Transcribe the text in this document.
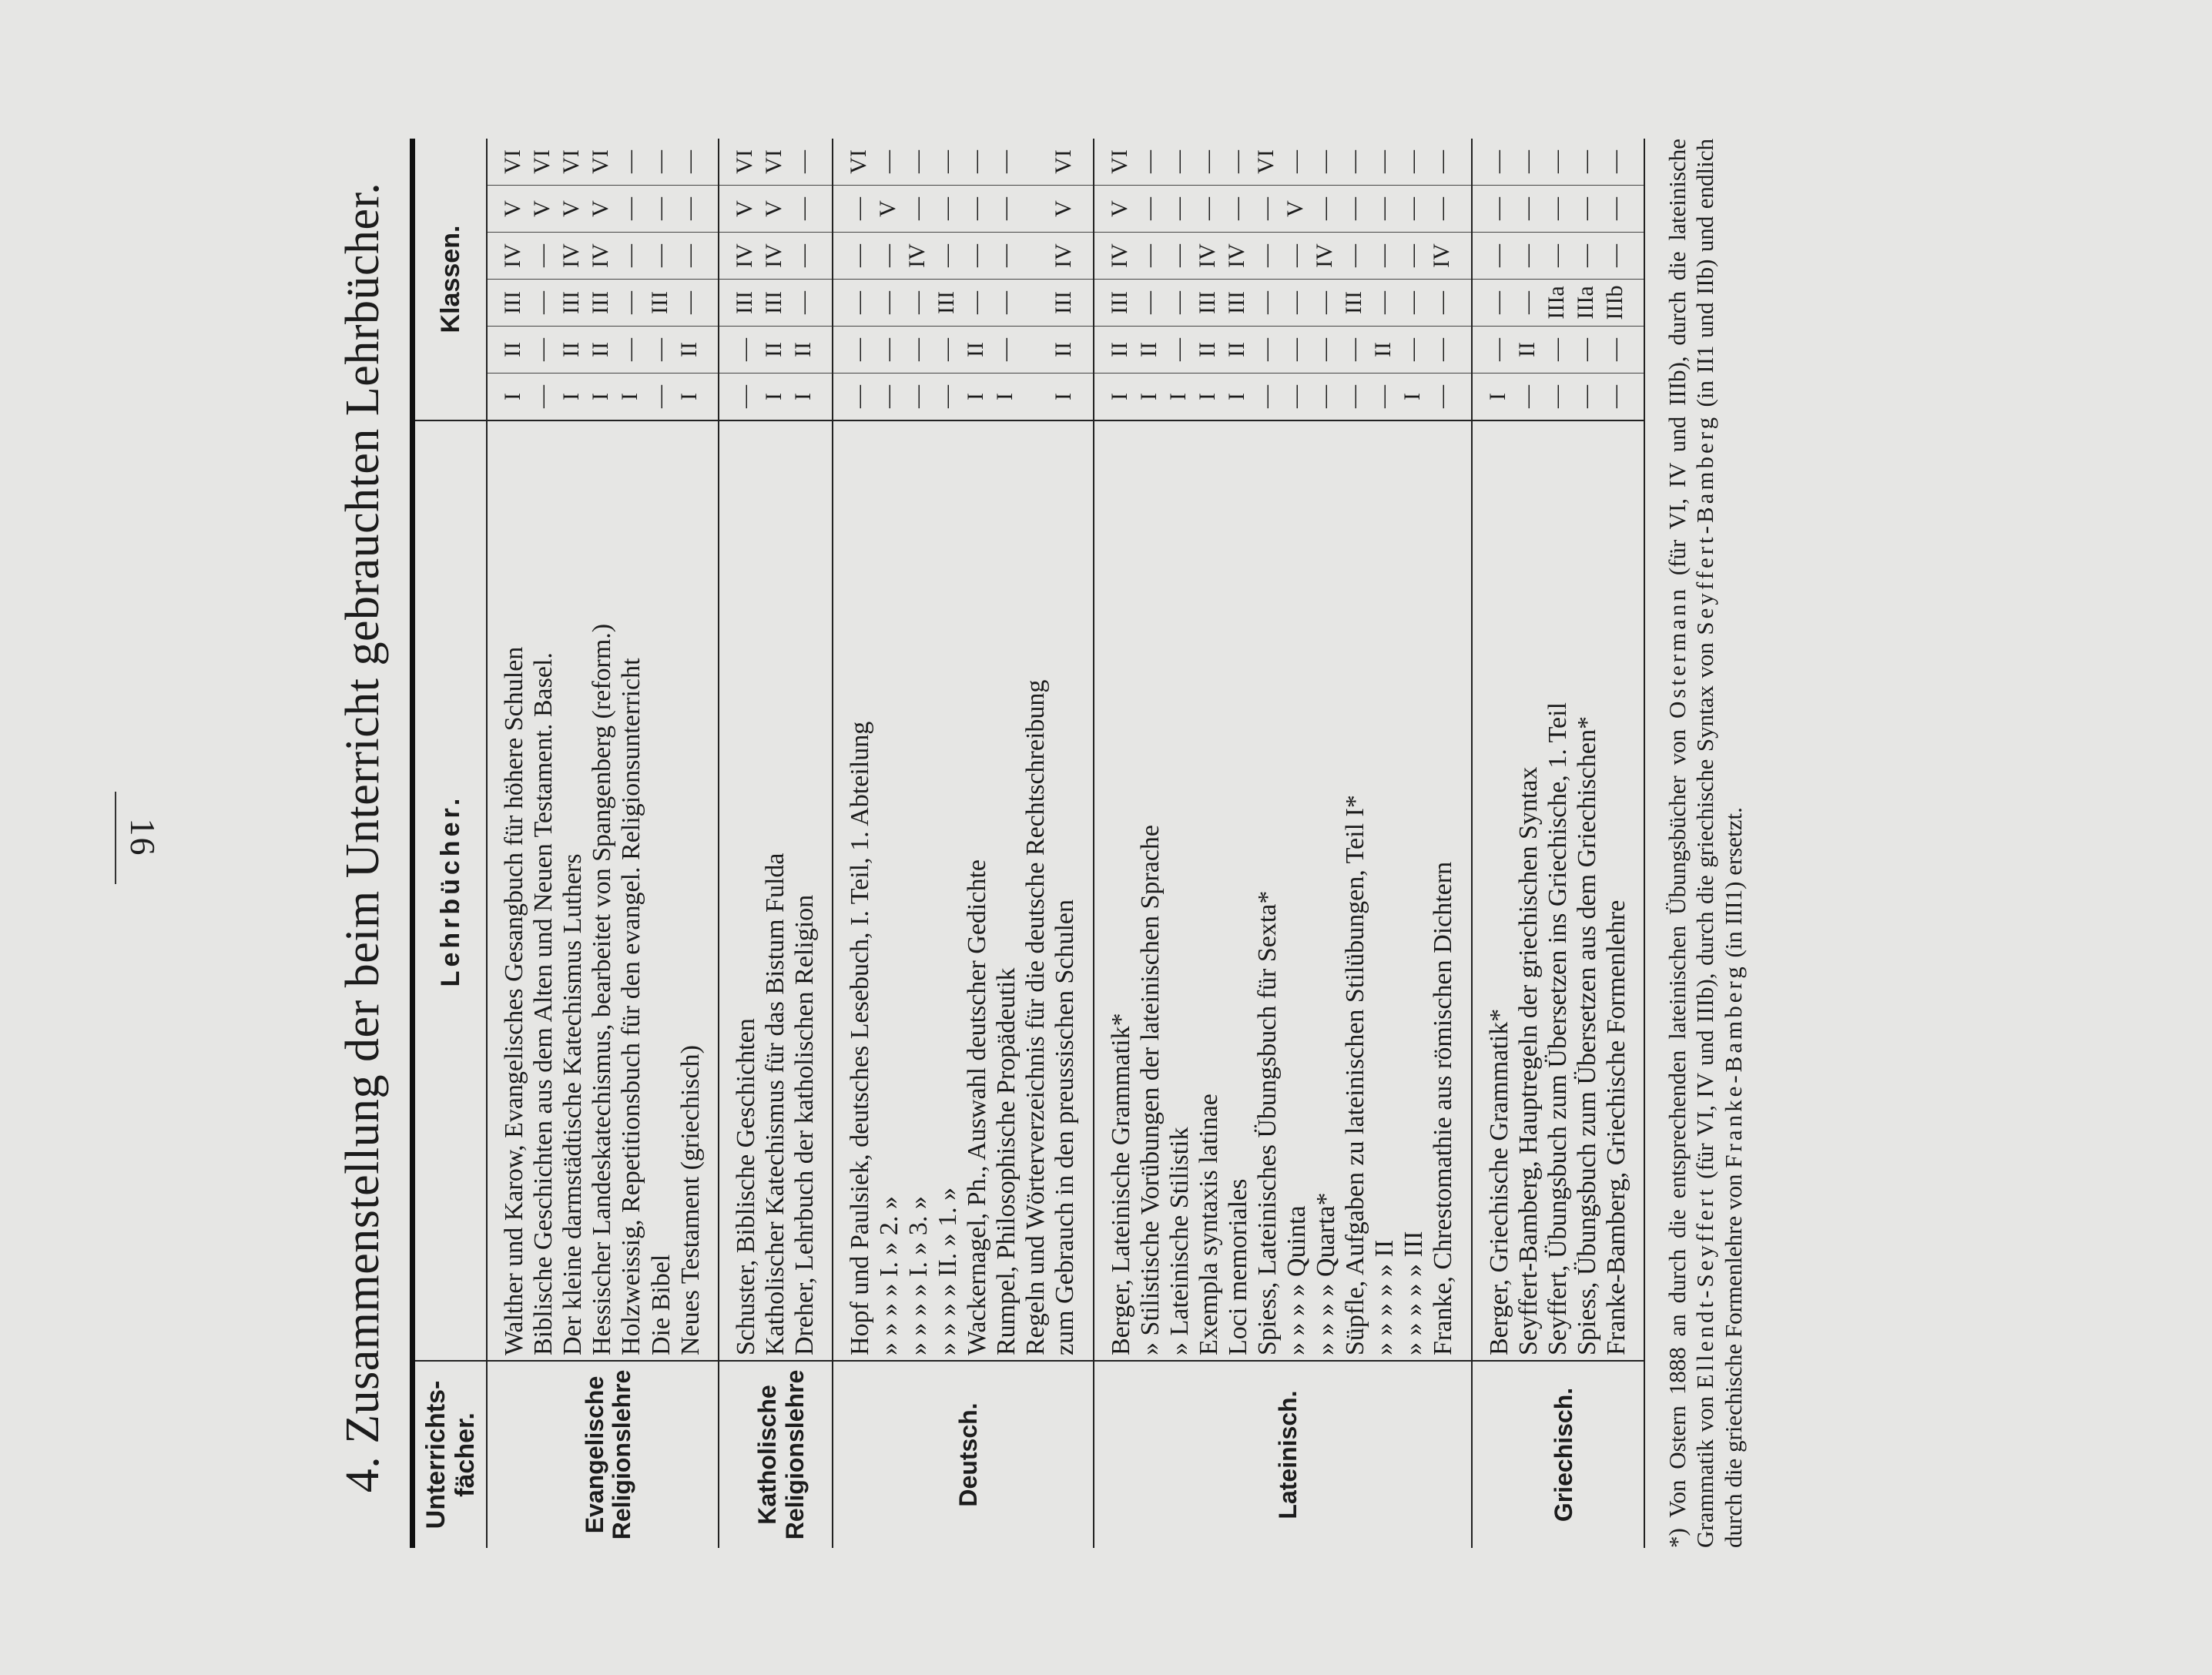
16	4. Zusammenstellung der beim Unterricht gebrauchten Lehrbücher. Unterrichts-fächer.	Lehrbücher.	Klassen.					
Evangelische Religionslehre	Walther und Karow, Evangelisches Gesangbuch für höhere Schulen	I	II	III	IV	V	VI
	Biblische Geschichten aus dem Alten und Neuen Testament. Basel.	—	—	—	—	V	VI
	Der kleine darmstädtische Katechismus Luthers	I	II	III	IV	V	VI
	Hessischer Landeskatechismus, bearbeitet von Spangenberg (reform.)	I	II	III	IV	V	VI
	Holzweissig, Repetitionsbuch für den evangel. Religionsunterricht	I	—	—	—	—	—
	Die Bibel	—	—	III	—	—	—
	Neues Testament (griechisch)	I	II	—	—	—	—
Katholische Religionslehre	Schuster, Biblische Geschichten	—	—	III	IV	V	VI
	Katholischer Katechismus für das Bistum Fulda	I	II	III	IV	V	VI
	Dreher, Lehrbuch der katholischen Religion	I	II	—	—	—	—
Deutsch.	Hopf und Paulsiek, deutsches Lesebuch, I. Teil, 1. Abteilung	—	—	—	—	—	VI
	» » » » I. » 2. »	—	—	—	—	V	—
	» » » » I. » 3. »	—	—	—	IV	—	—
	» » » » II. » 1. »	—	—	III	—	—	—
	Wackernagel, Ph., Auswahl deutscher Gedichte	I	II	—	—	—	—
	Rumpel, Philosophische Propädeutik	I	—	—	—	—	—
	Regeln und Wörterverzeichnis für die deutsche Rechtschreibung						
	zum Gebrauch in den preussischen Schulen	I	II	III	IV	V	VI
Lateinisch.	Berger, Lateinische Grammatik*	I	II	III	IV	V	VI
	» Stilistische Vorübungen der lateinischen Sprache	I	II	—	—	—	—
	» Lateinische Stilistik	I	—	—	—	—	—
	Exempla syntaxis latinae	I	II	III	IV	—	—
	Loci memoriales	I	II	III	IV	—	—
	Spiess, Lateinisches Übungsbuch für Sexta*	—	—	—	—	—	VI
	» » » » Quinta	—	—	—	—	V	—
	» » » » Quarta*	—	—	—	IV	—	—
	Süpfle, Aufgaben zu lateinischen Stilübungen, Teil I*	—	—	III	—	—	—
	» » » » » II	—	II	—	—	—	—
	» » » » » III	I	—	—	—	—	—
	Franke, Chrestomathie aus römischen Dichtern	—	—	—	IV	—	—
Griechisch.	Berger, Griechische Grammatik*	I	—	—	—	—	—
	Seyffert-Bamberg, Hauptregeln der griechischen Syntax	—	II	—	—	—	—
	Seyffert, Übungsbuch zum Übersetzen ins Griechische, 1. Teil	—	—	IIIa	—	—	—
	Spiess, Übungsbuch zum Übersetzen aus dem Griechischen*	—	—	IIIa	—	—	—
	Franke-Bamberg, Griechische Formenlehre	—	—	IIIb	—	—	—
*) Von Ostern 1888 an durch die entsprechenden lateinischen Übungsbücher von Ostermann (für VI, IV und IIIb), durch die lateinische Grammatik von Ellendt-Seyffert (für VI, IV und IIIb), durch die griechische Syntax von Seyffert-Bamberg (in II1 und IIb) und endlich durch die griechische Formenlehre von Franke-Bamberg (in III1) ersetzt.
